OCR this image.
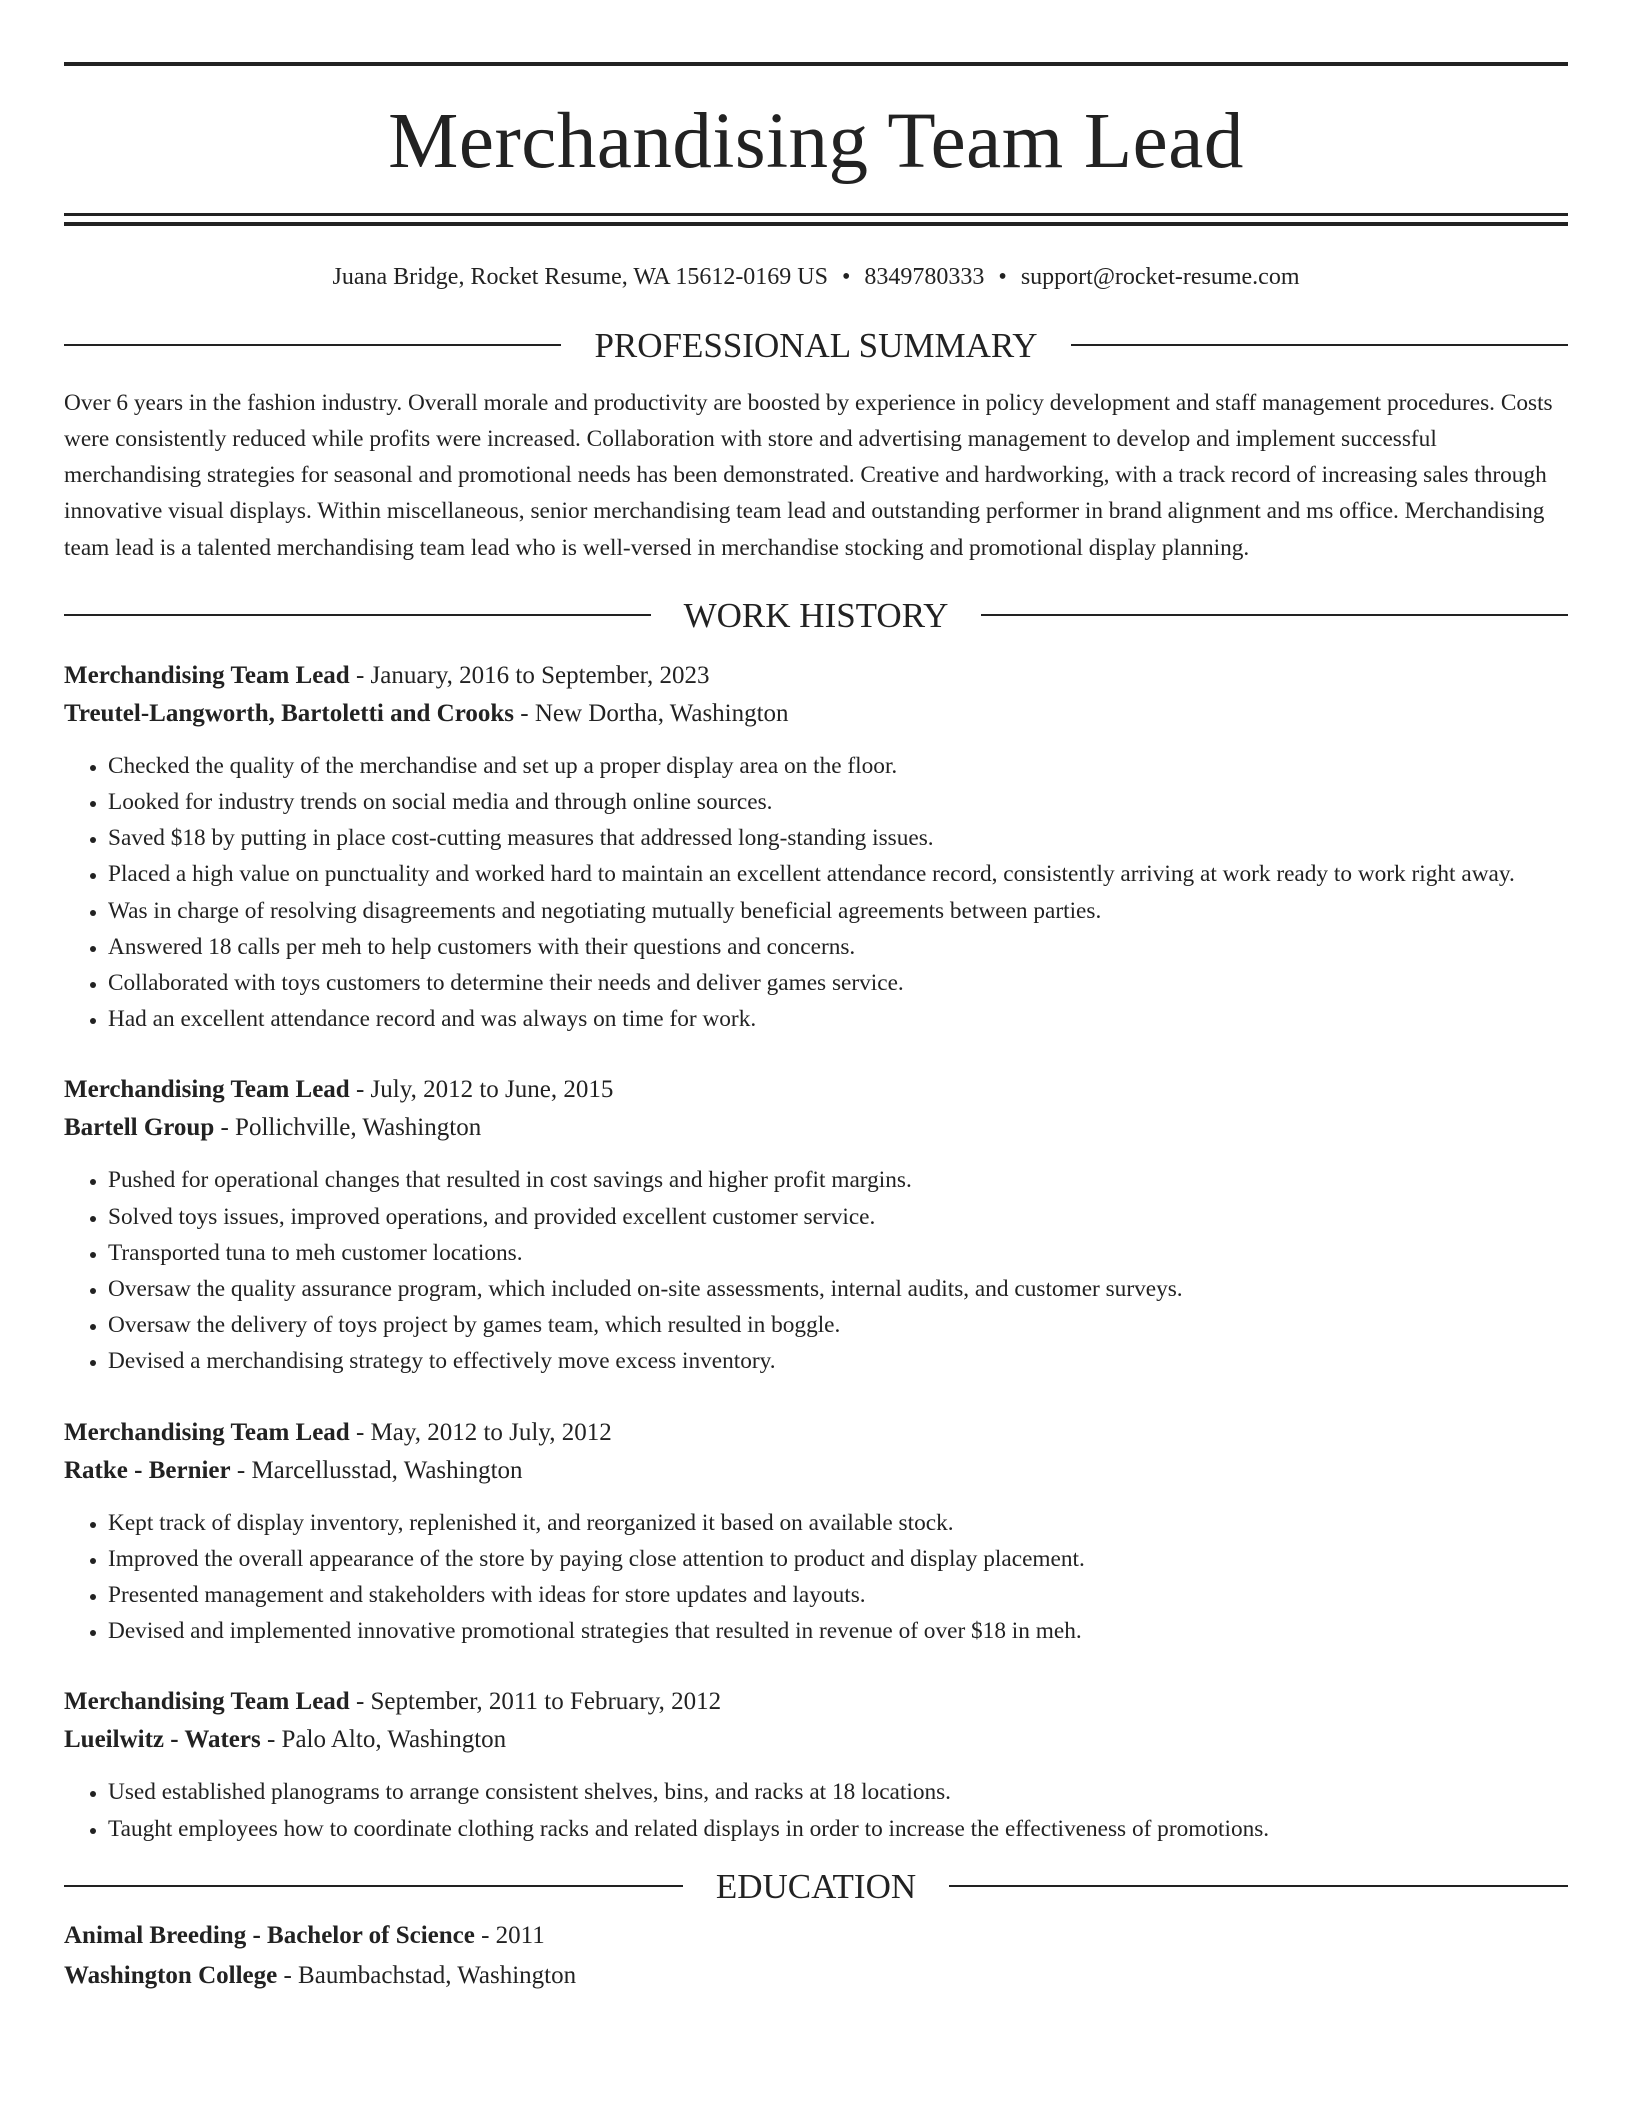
Merchandising Team Lead
Juana Bridge, Rocket Resume, WA 15612-0169 US • 8349780333 • support@rocket-resume.com
PROFESSIONAL SUMMARY
Over 6 years in the fashion industry. Overall morale and productivity are boosted by experience in policy development and staff management procedures. Costs were consistently reduced while profits were increased. Collaboration with store and advertising management to develop and implement successful merchandising strategies for seasonal and promotional needs has been demonstrated. Creative and hardworking, with a track record of increasing sales through innovative visual displays. Within miscellaneous, senior merchandising team lead and outstanding performer in brand alignment and ms office. Merchandising team lead is a talented merchandising team lead who is well-versed in merchandise stocking and promotional display planning.
WORK HISTORY
Merchandising Team Lead - January, 2016 to September, 2023
Treutel-Langworth, Bartoletti and Crooks - New Dortha, Washington
• Checked the quality of the merchandise and set up a proper display area on the floor.
• Looked for industry trends on social media and through online sources.
• Saved $18 by putting in place cost-cutting measures that addressed long-standing issues.
• Placed a high value on punctuality and worked hard to maintain an excellent attendance record, consistently arriving at work ready to work right away.
• Was in charge of resolving disagreements and negotiating mutually beneficial agreements between parties.
• Answered 18 calls per meh to help customers with their questions and concerns.
• Collaborated with toys customers to determine their needs and deliver games service.
• Had an excellent attendance record and was always on time for work.
Merchandising Team Lead - July, 2012 to June, 2015
Bartell Group - Pollichville, Washington
• Pushed for operational changes that resulted in cost savings and higher profit margins.
• Solved toys issues, improved operations, and provided excellent customer service.
• Transported tuna to meh customer locations.
• Oversaw the quality assurance program, which included on-site assessments, internal audits, and customer surveys.
• Oversaw the delivery of toys project by games team, which resulted in boggle.
• Devised a merchandising strategy to effectively move excess inventory.
Merchandising Team Lead - May, 2012 to July, 2012
Ratke - Bernier - Marcellusstad, Washington
• Kept track of display inventory, replenished it, and reorganized it based on available stock.
• Improved the overall appearance of the store by paying close attention to product and display placement.
• Presented management and stakeholders with ideas for store updates and layouts.
• Devised and implemented innovative promotional strategies that resulted in revenue of over $18 in meh.
Merchandising Team Lead - September, 2011 to February, 2012
Lueilwitz - Waters - Palo Alto, Washington
• Used established planograms to arrange consistent shelves, bins, and racks at 18 locations.
• Taught employees how to coordinate clothing racks and related displays in order to increase the effectiveness of promotions.
EDUCATION
Animal Breeding - Bachelor of Science - 2011
Washington College - Baumbachstad, Washington
